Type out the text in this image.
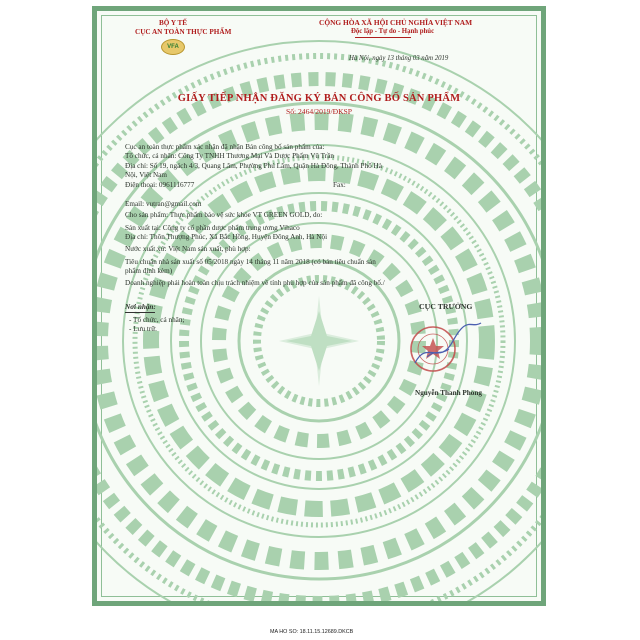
BỘ Y TẾ
CỤC AN TOÀN THỰC PHẨM
VFA
CỘNG HÒA XÃ HỘI CHỦ NGHĨA VIỆT NAM
Độc lập - Tự do - Hạnh phúc
Hà Nội, ngày 13 tháng 03 năm 2019
GIẤY TIẾP NHẬN ĐĂNG KÝ BẢN CÔNG BỐ SẢN PHẨM
Số: 2464/2019/ĐKSP
Cục an toàn thực phẩm xác nhận đã nhận Bản công bố sản phẩm của:
Tổ chức, cá nhân: Công Ty TNHH Thương Mại Và Dược Phẩm Vũ Trần
Địa chỉ: Số 19, ngách 4/3, Quang Lãm, Phường Phú Lãm, Quận Hà Đông, Thành Phố Hà
Nội, Việt Nam
Điện thoại: 0961116777	Fax:
Email: vutran@gmail.com
Cho sản phẩm: Thực phẩm bảo vệ sức khỏe VT GREEN GOLD, do:
Sản xuất tại: Công ty cổ phần dược phẩm trung ương Vihaco
Địa chỉ: Thôn Thượng Phúc, Xã Bắc Hồng, Huyện Đông Anh, Hà Nội
Nước xuất xứ: Việt Nam sản xuất, phù hợp:
Tiêu chuẩn nhà sản xuất số 05/2018 ngày 14 tháng 11 năm 2018 (có bản tiêu chuẩn sản
phẩm đính kèm)
Doanh nghiệp phải hoàn toàn chịu trách nhiệm về tính phù hợp của sản phẩm đã công bố./
Nơi nhận:
- Tổ chức, cá nhân;
- Lưu trữ.
CỤC TRƯỞNG
Nguyễn Thanh Phong
MA HO SO: 18.11.15.12689.DKCB
